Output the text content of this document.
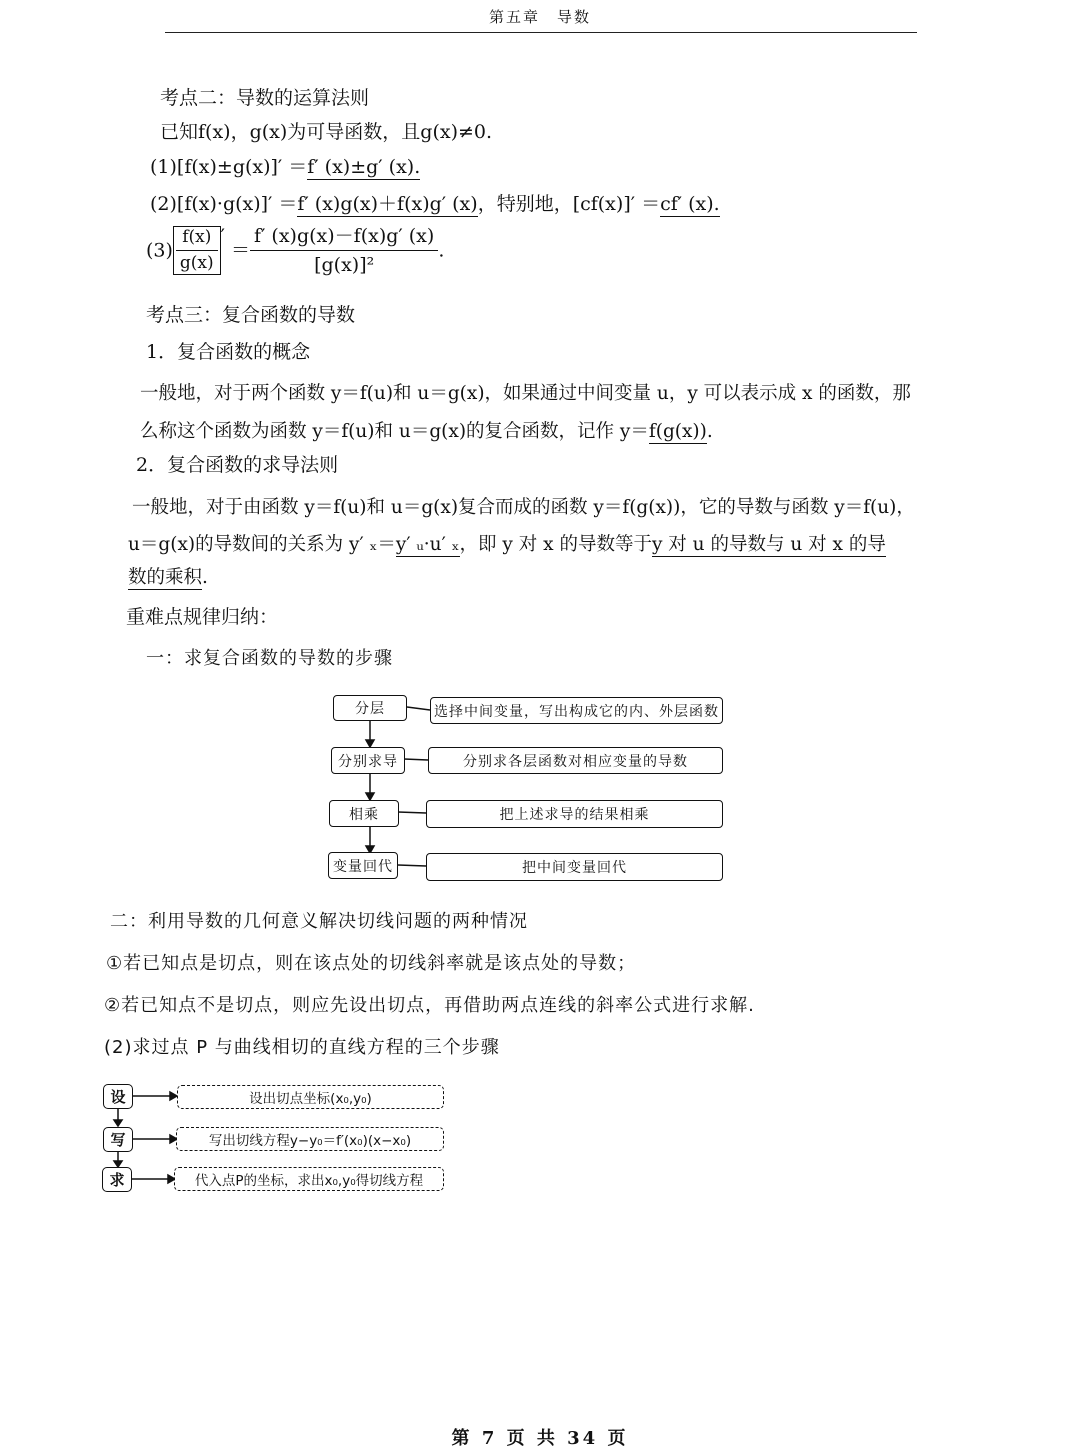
第五章　导数
考点二：导数的运算法则
已知f(x)，g(x)为可导函数，且g(x)≠0.
(1)[f(x)±g(x)]′ ＝f′ (x)±g′ (x).
(2)[f(x)·g(x)]′ ＝f′ (x)g(x)＋f(x)g′ (x)，特别地，[cf(x)]′ ＝cf′ (x).
$(3) \frac{f(x)}{g(x)}$ ′ ＝ $\frac{f' (x)g(x)-f(x)g' (x)}{\text{[g(x)]²}}$ .
考点三：复合函数的导数
1．复合函数的概念
一般地，对于两个函数 y＝f(u)和 u＝g(x)，如果通过中间变量 u，y 可以表示成 x 的函数，那
么称这个函数为函数 y＝f(u)和 u＝g(x)的复合函数，记作 y＝f(g(x)).
2．复合函数的求导法则
一般地，对于由函数 y＝f(u)和 u＝g(x)复合而成的函数 y＝f(g(x))，它的导数与函数 y＝f(u)，
u＝g(x)的导数间的关系为 y′ ₓ＝y′ ᵤ·u′ ₓ，即 y 对 x 的导数等于y 对 u 的导数与 u 对 x 的导
数的乘积.
重难点规律归纳：
一：求复合函数的导数的步骤
分层	选择中间变量，写出构成它的内、外层函数
分别求导	分别求各层函数对相应变量的导数
相乘	把上述求导的结果相乘
变量回代	把中间变量回代
二：利用导数的几何意义解决切线问题的两种情况
①若已知点是切点，则在该点处的切线斜率就是该点处的导数；
②若已知点不是切点，则应先设出切点，再借助两点连线的斜率公式进行求解.
(2)求过点 P 与曲线相切的直线方程的三个步骤
设	设出切点坐标(x₀,y₀)
写	写出切线方程y−y₀＝f′(x₀)(x−x₀)
求	代入点P的坐标，求出x₀,y₀得切线方程
第 7 页 共 34 页
